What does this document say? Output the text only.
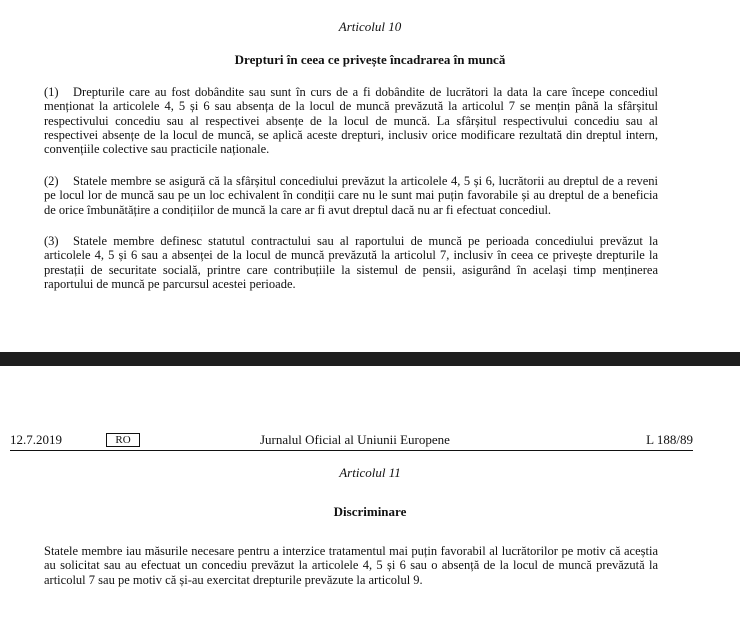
Articolul 10
Drepturi în ceea ce privește încadrarea în muncă

(1) Drepturile care au fost dobândite sau sunt în curs de a fi dobândite de lucrători la data la care începe concediul menționat la articolele 4, 5 și 6 sau absența de la locul de muncă prevăzută la articolul 7 se mențin până la sfârșitul respectivului concediu sau al respectivei absențe de la locul de muncă. La sfârșitul respectivului concediu sau al respectivei absențe de la locul de muncă, se aplică aceste drepturi, inclusiv orice modificare rezultată din dreptul intern, convențiile colective sau practicile naționale.

(2) Statele membre se asigură că la sfârșitul concediului prevăzut la articolele 4, 5 și 6, lucrătorii au dreptul de a reveni pe locul lor de muncă sau pe un loc echivalent în condiții care nu le sunt mai puțin favorabile și au dreptul de a beneficia de orice îmbunătățire a condițiilor de muncă la care ar fi avut dreptul dacă nu ar fi efectuat concediul.

(3) Statele membre definesc statutul contractului sau al raportului de muncă pe perioada concediului prevăzut la articolele 4, 5 și 6 sau a absenței de la locul de muncă prevăzută la articolul 7, inclusiv în ceea ce privește drepturile la prestații de securitate socială, printre care contribuțiile la sistemul de pensii, asigurând în același timp menținerea raportului de muncă pe parcursul acestei perioade.

12.7.2019	RO	Jurnalul Oficial al Uniunii Europene	L 188/89
Articolul 11
Discriminare

Statele membre iau măsurile necesare pentru a interzice tratamentul mai puțin favorabil al lucrătorilor pe motiv că aceștia au solicitat sau au efectuat un concediu prevăzut la articolele 4, 5 și 6 sau o absență de la locul de muncă prevăzută la articolul 7 sau pe motiv că și-au exercitat drepturile prevăzute la articolul 9.
